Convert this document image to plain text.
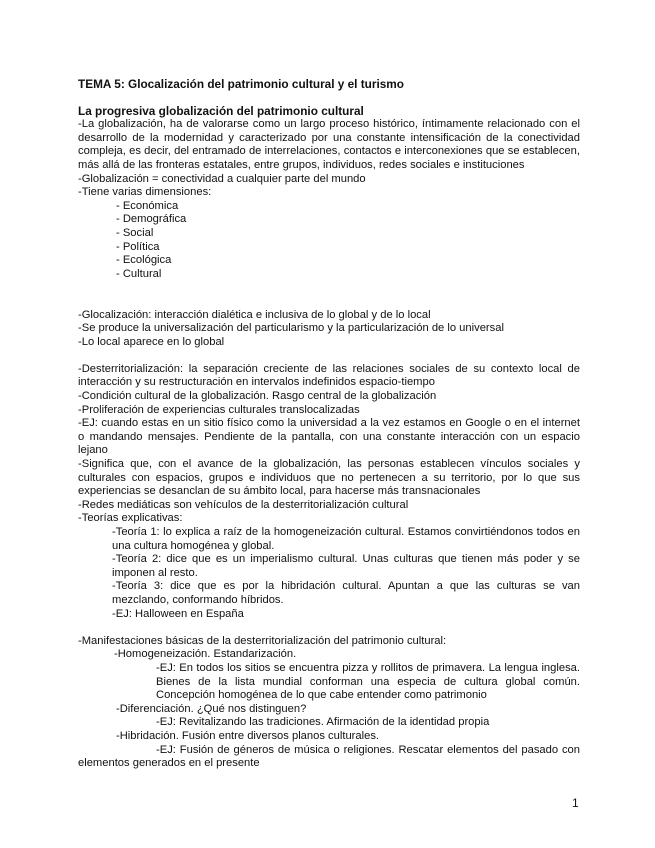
TEMA 5: Glocalización del patrimonio cultural y el turismo

La progresiva globalización del patrimonio cultural

-La globalización, ha de valorarse como un largo proceso histórico, íntimamente relacionado con el desarrollo de la modernidad y caracterizado por una constante intensificación de la conectividad compleja, es decir, del entramado de interrelaciones, contactos e interconexiones que se establecen, más allá de las fronteras estatales, entre grupos, individuos, redes sociales e instituciones

-Globalización = conectividad a cualquier parte del mundo

-Tiene varias dimensiones:

- Económica

- Demográfica

- Social

- Política

- Ecológica

- Cultural

-Glocalización: interacción dialética e inclusiva de lo global y de lo local

-Se produce la universalización del particularismo y la particularización de lo universal

-Lo local aparece en lo global

-Desterritorialización: la separación creciente de las relaciones sociales de su contexto local de interacción y su restructuración en intervalos indefinidos espacio-tiempo

-Condición cultural de la globalización. Rasgo central de la globalización

-Proliferación de experiencias culturales translocalizadas

-EJ: cuando estas en un sitio físico como la universidad a la vez estamos en Google o en el internet o mandando mensajes. Pendiente de la pantalla, con una constante interacción con un espacio lejano

-Significa que, con el avance de la globalización, las personas establecen vínculos sociales y culturales con espacios, grupos e individuos que no pertenecen a su territorio, por lo que sus experiencias se desanclan de su ámbito local, para hacerse más transnacionales

-Redes mediáticas son vehículos de la desterritorialización cultural

-Teorías explicativas:

-Teoría 1: lo explica a raíz de la homogeneización cultural. Estamos convirtiéndonos todos en una cultura homogénea y global.

-Teoría 2: dice que es un imperialismo cultural. Unas culturas que tienen más poder y se imponen al resto.

-Teoría 3: dice que es por la hibridación cultural. Apuntan a que las culturas se van mezclando, conformando híbridos.

-EJ: Halloween en España

-Manifestaciones básicas de la desterritorialización del patrimonio cultural:

-Homogeneización. Estandarización.

-EJ: En todos los sitios se encuentra pizza y rollitos de primavera. La lengua inglesa. Bienes de la lista mundial conforman una especia de cultura global común. Concepción homogénea de lo que cabe entender como patrimonio

-Diferenciación. ¿Qué nos distinguen?

-EJ: Revitalizando las tradiciones. Afirmación de la identidad propia

-Hibridación. Fusión entre diversos planos culturales.

-EJ: Fusión de géneros de música o religiones. Rescatar elementos del pasado con elementos generados en el presente

1
